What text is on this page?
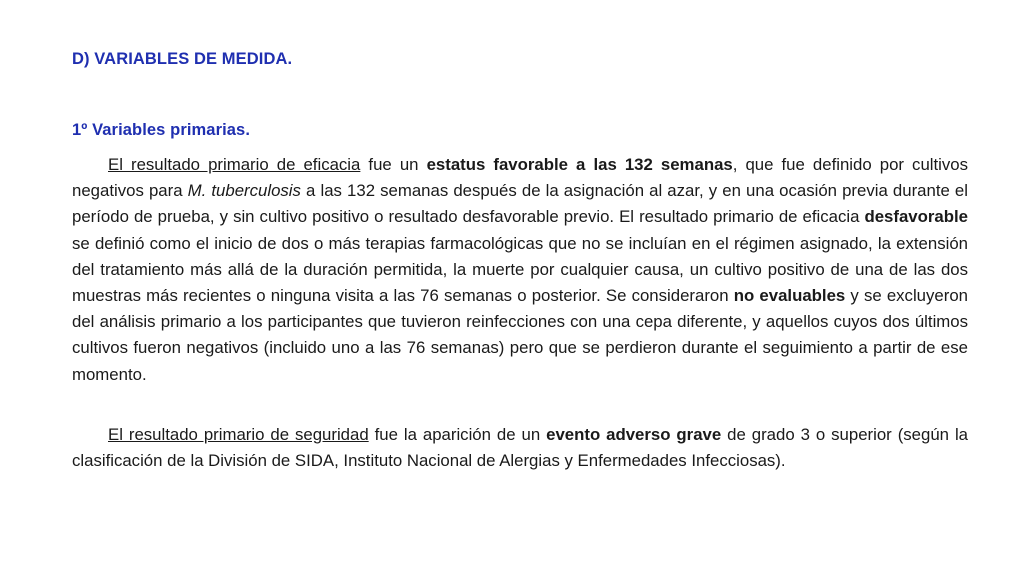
D) VARIABLES DE MEDIDA.
1º Variables primarias.

El resultado primario de eficacia fue un estatus favorable a las 132 semanas, que fue definido por cultivos negativos para M. tuberculosis a las 132 semanas después de la asignación al azar, y en una ocasión previa durante el período de prueba, y sin cultivo positivo o resultado desfavorable previo. El resultado primario de eficacia desfavorable se definió como el inicio de dos o más terapias farmacológicas que no se incluían en el régimen asignado, la extensión del tratamiento más allá de la duración permitida, la muerte por cualquier causa, un cultivo positivo de una de las dos muestras más recientes o ninguna visita a las 76 semanas o posterior. Se consideraron no evaluables y se excluyeron del análisis primario a los participantes que tuvieron reinfecciones con una cepa diferente, y aquellos cuyos dos últimos cultivos fueron negativos (incluido uno a las 76 semanas) pero que se perdieron durante el seguimiento a partir de ese momento.

El resultado primario de seguridad fue la aparición de un evento adverso grave de grado 3 o superior (según la clasificación de la División de SIDA, Instituto Nacional de Alergias y Enfermedades Infecciosas).
